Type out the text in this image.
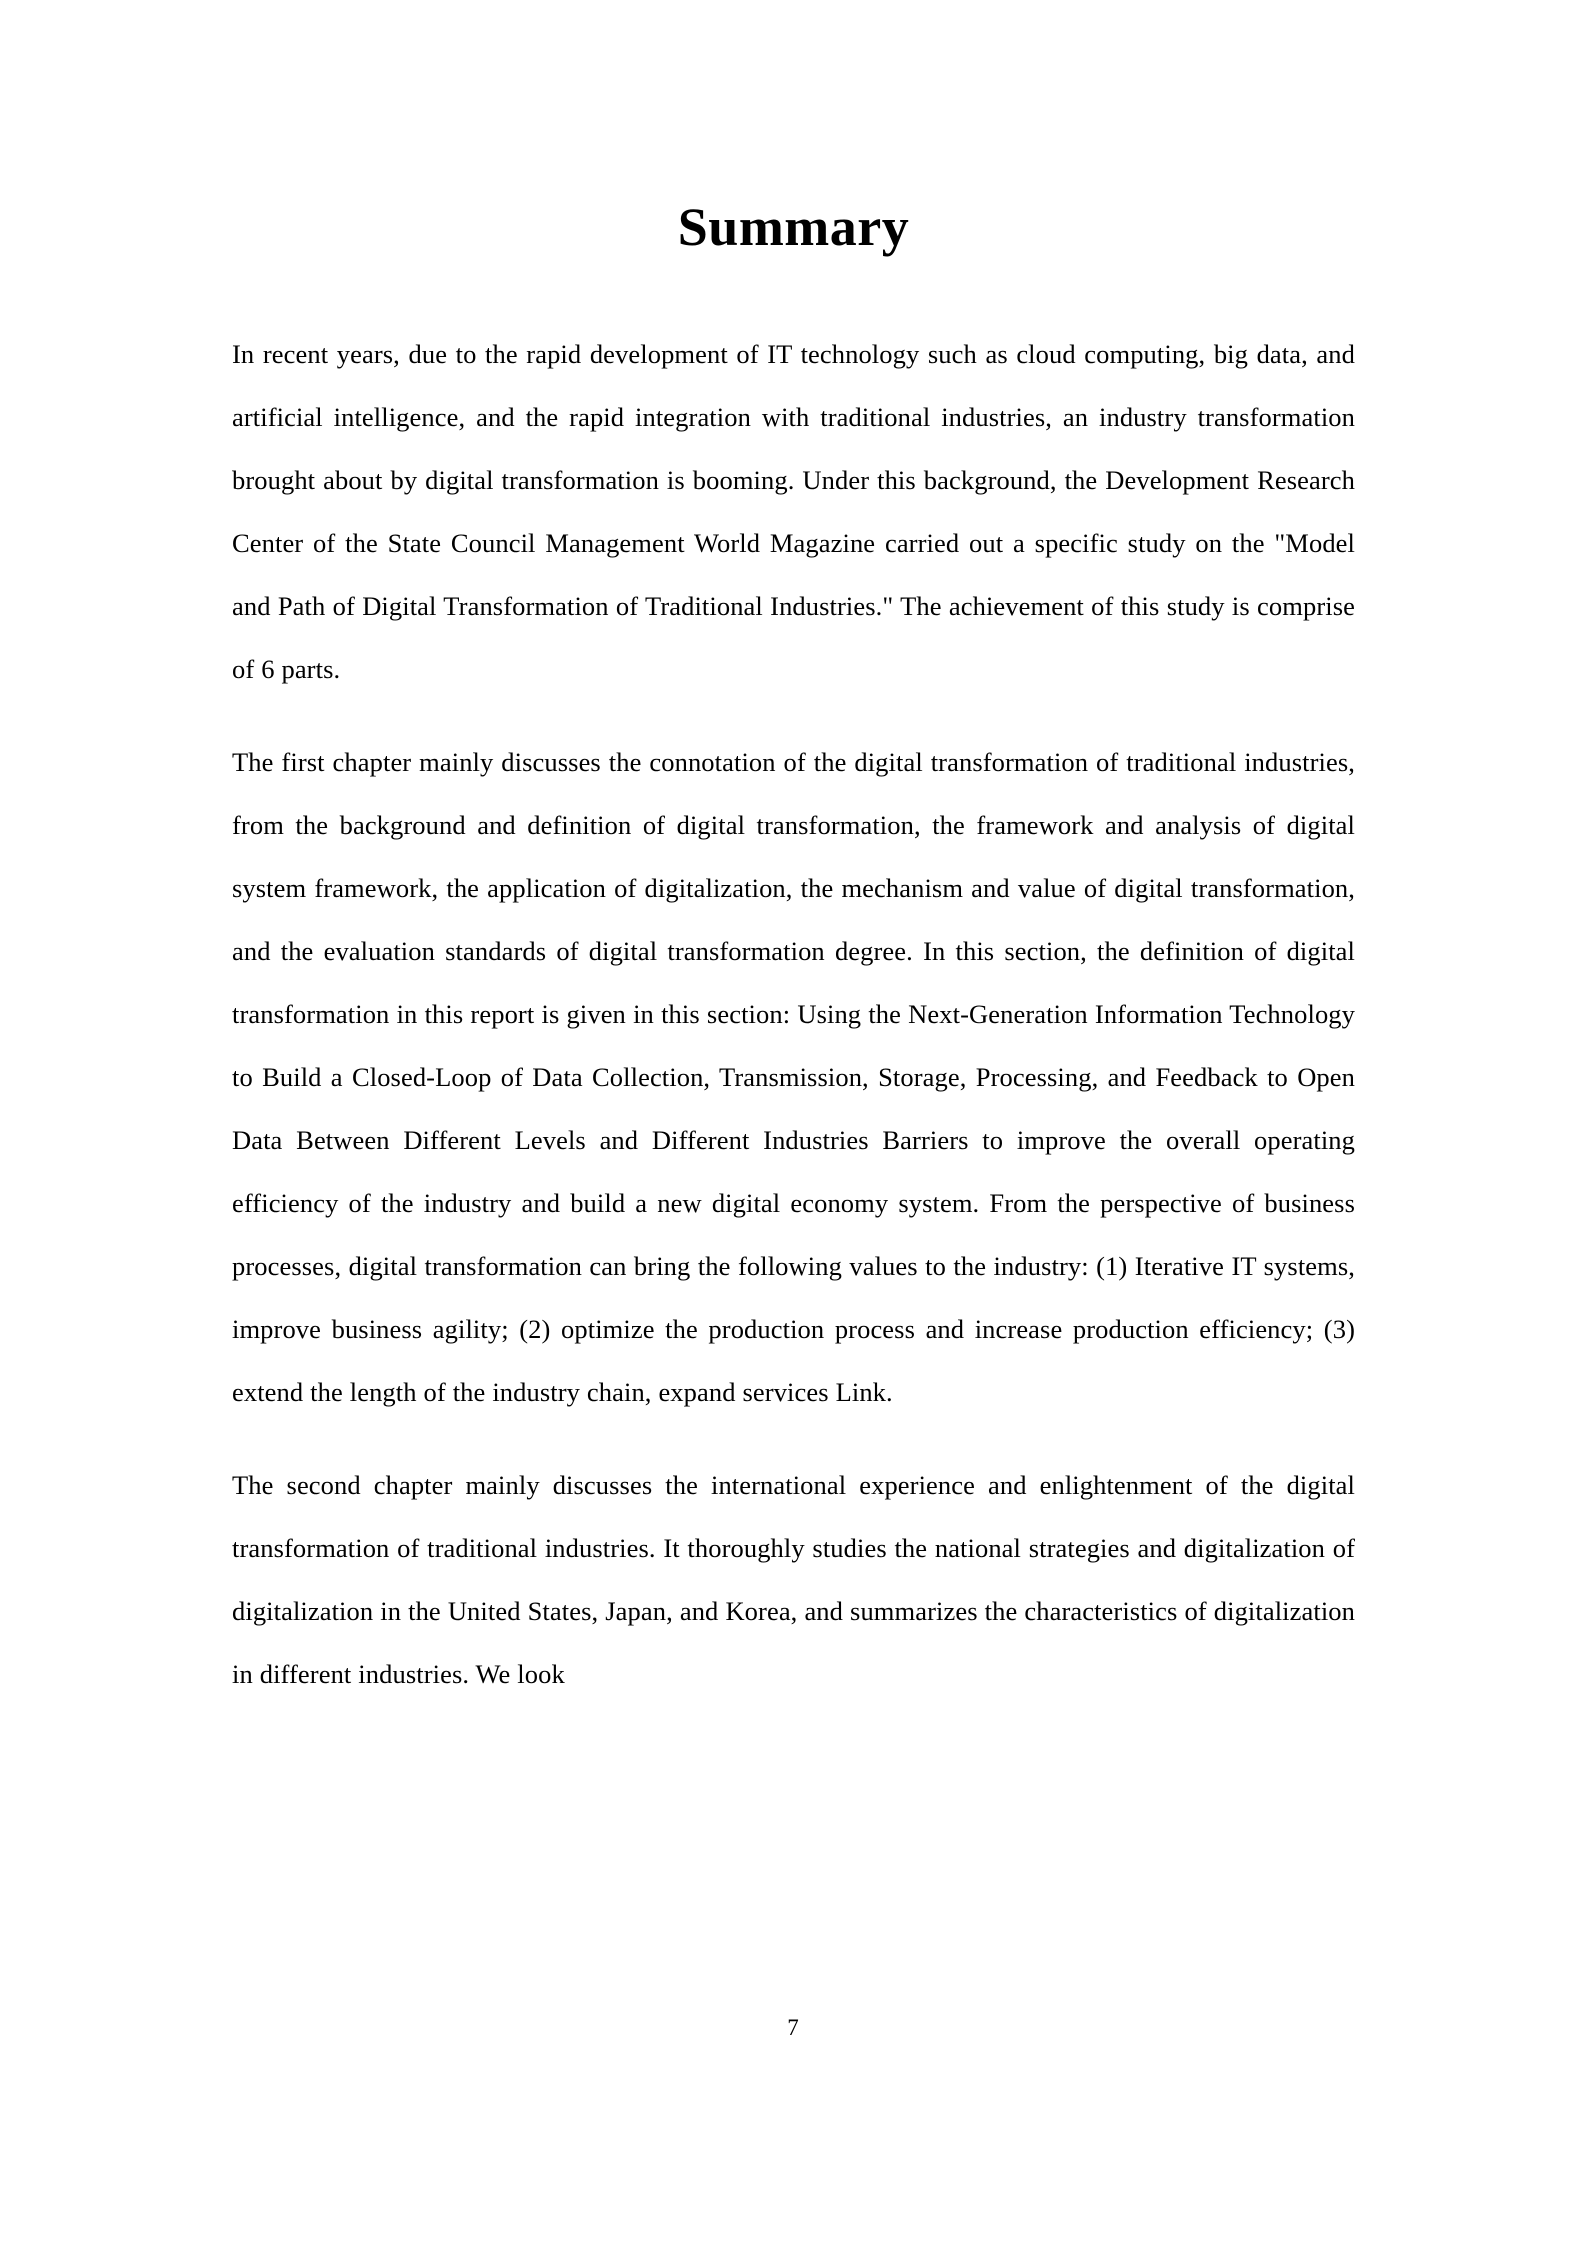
Summary

In recent years, due to the rapid development of IT technology such as cloud computing, big data, and artificial intelligence, and the rapid integration with traditional industries, an industry transformation brought about by digital transformation is booming. Under this background, the Development Research Center of the State Council Management World Magazine carried out a specific study on the "Model and Path of Digital Transformation of Traditional Industries." The achievement of this study is comprise of 6 parts.

The first chapter mainly discusses the connotation of the digital transformation of traditional industries, from the background and definition of digital transformation, the framework and analysis of digital system framework, the application of digitalization, the mechanism and value of digital transformation, and the evaluation standards of digital transformation degree. In this section, the definition of digital transformation in this report is given in this section: Using the Next-Generation Information Technology to Build a Closed-Loop of Data Collection, Transmission, Storage, Processing, and Feedback to Open Data Between Different Levels and Different Industries Barriers to improve the overall operating efficiency of the industry and build a new digital economy system. From the perspective of business processes, digital transformation can bring the following values to the industry: (1) Iterative IT systems, improve business agility; (2) optimize the production process and increase production efficiency; (3) extend the length of the industry chain, expand services Link.

The second chapter mainly discusses the international experience and enlightenment of the digital transformation of traditional industries. It thoroughly studies the national strategies and digitalization of digitalization in the United States, Japan, and Korea, and summarizes the characteristics of digitalization in different industries. We look

7
